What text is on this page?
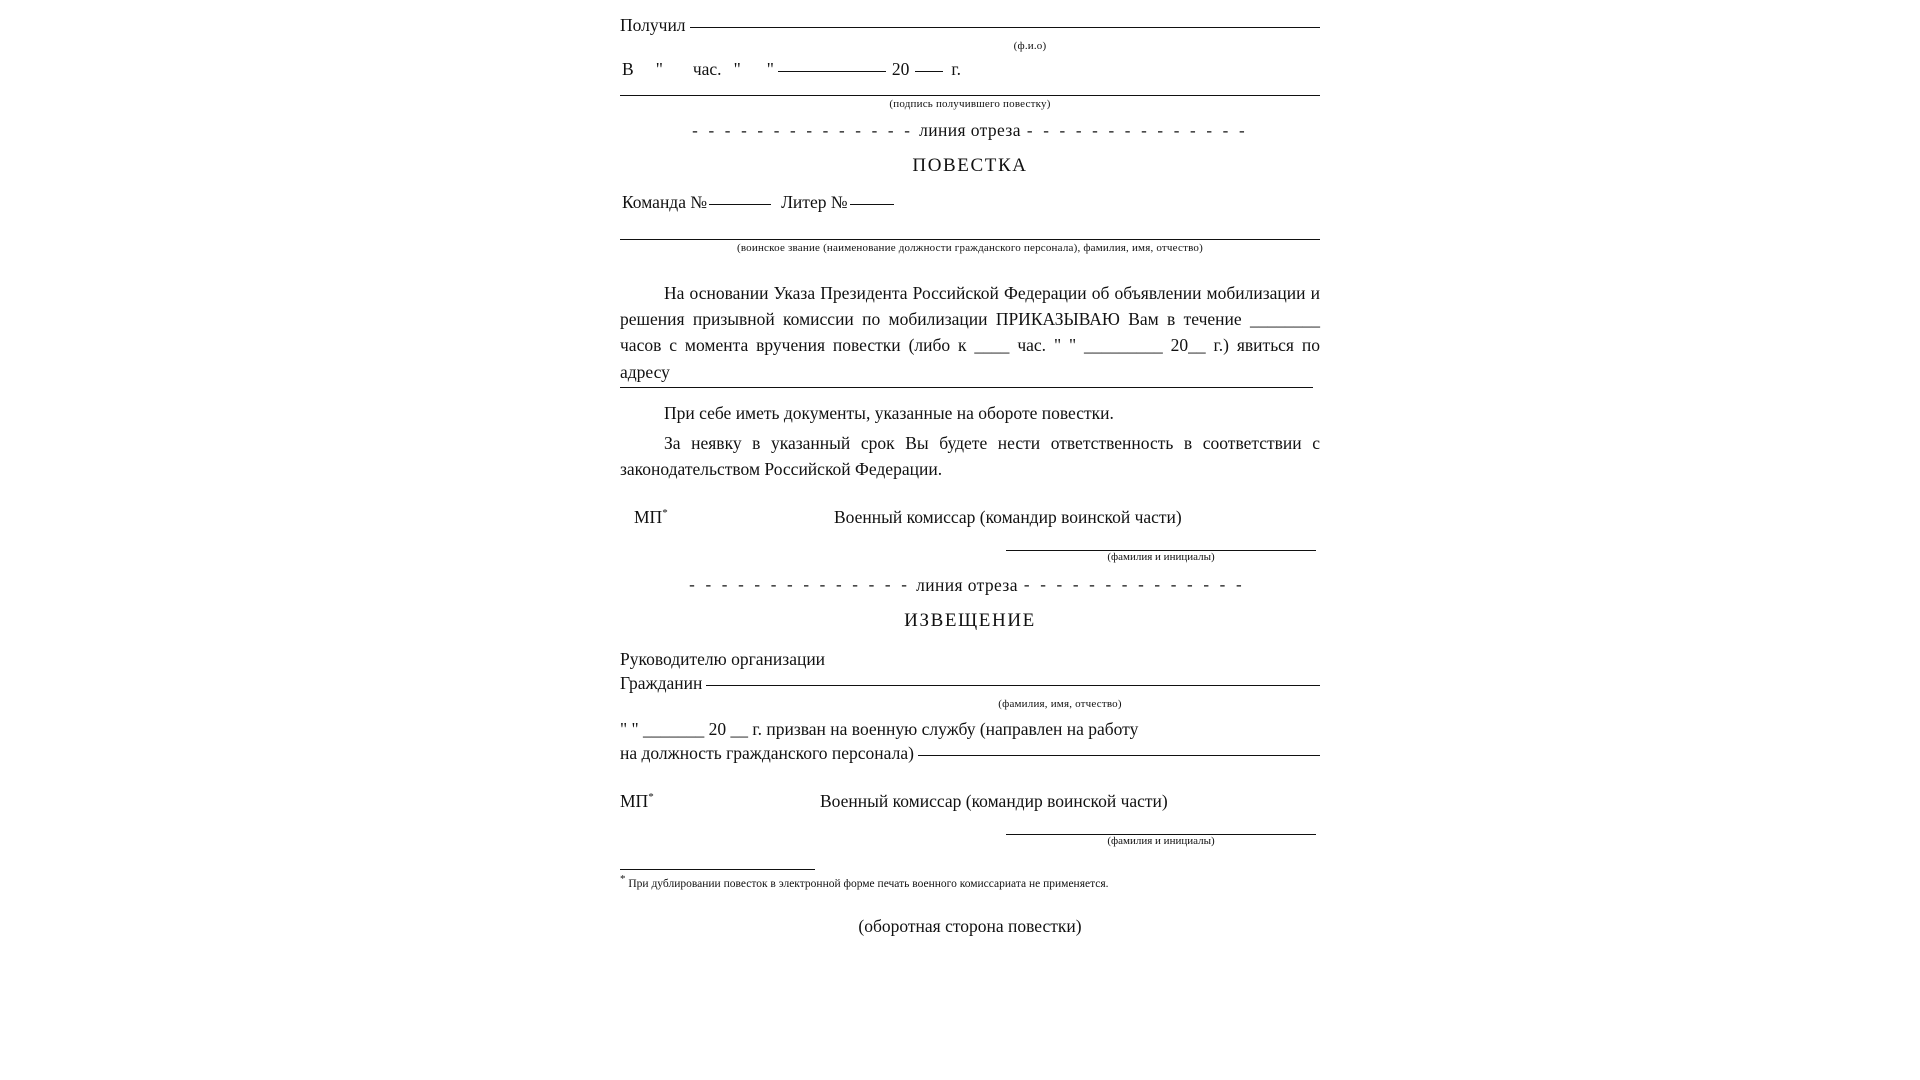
Получил
(ф.и.о)
В " час. " "	20 г.
(подпись получившего повестку)
- - - - - - - - - - - - - - линия отреза - - - - - - - - - - - - - -
ПОВЕСТКА
Команда №	Литер №
(воинское звание (наименование должности гражданского персонала), фамилия, имя, отчество)
На основании Указа Президента Российской Федерации об объявлении мобилизации и решения призывной комиссии по мобилизации ПРИКАЗЫВАЮ Вам в течение ________ часов с момента вручения повестки (либо к ____ час. " " _________ 20__ г.) явиться по адресу
При себе иметь документы, указанные на обороте повестки.
За неявку в указанный срок Вы будете нести ответственность в соответствии с законодательством Российской Федерации.
МП*	Военный комиссар (командир воинской части)
(фамилия и инициалы)
- - - - - - - - - - - - - - линия отреза - - - - - - - - - - - - - -
ИЗВЕЩЕНИЕ
Руководителю организации
Гражданин
(фамилия, имя, отчество)
" " _______ 20 __ г. призван на военную службу (направлен на работу
на должность гражданского персонала)
МП*	Военный комиссар (командир воинской части)
(фамилия и инициалы)
* При дублировании повесток в электронной форме печать военного комиссариата не применяется.
(оборотная сторона повестки)
